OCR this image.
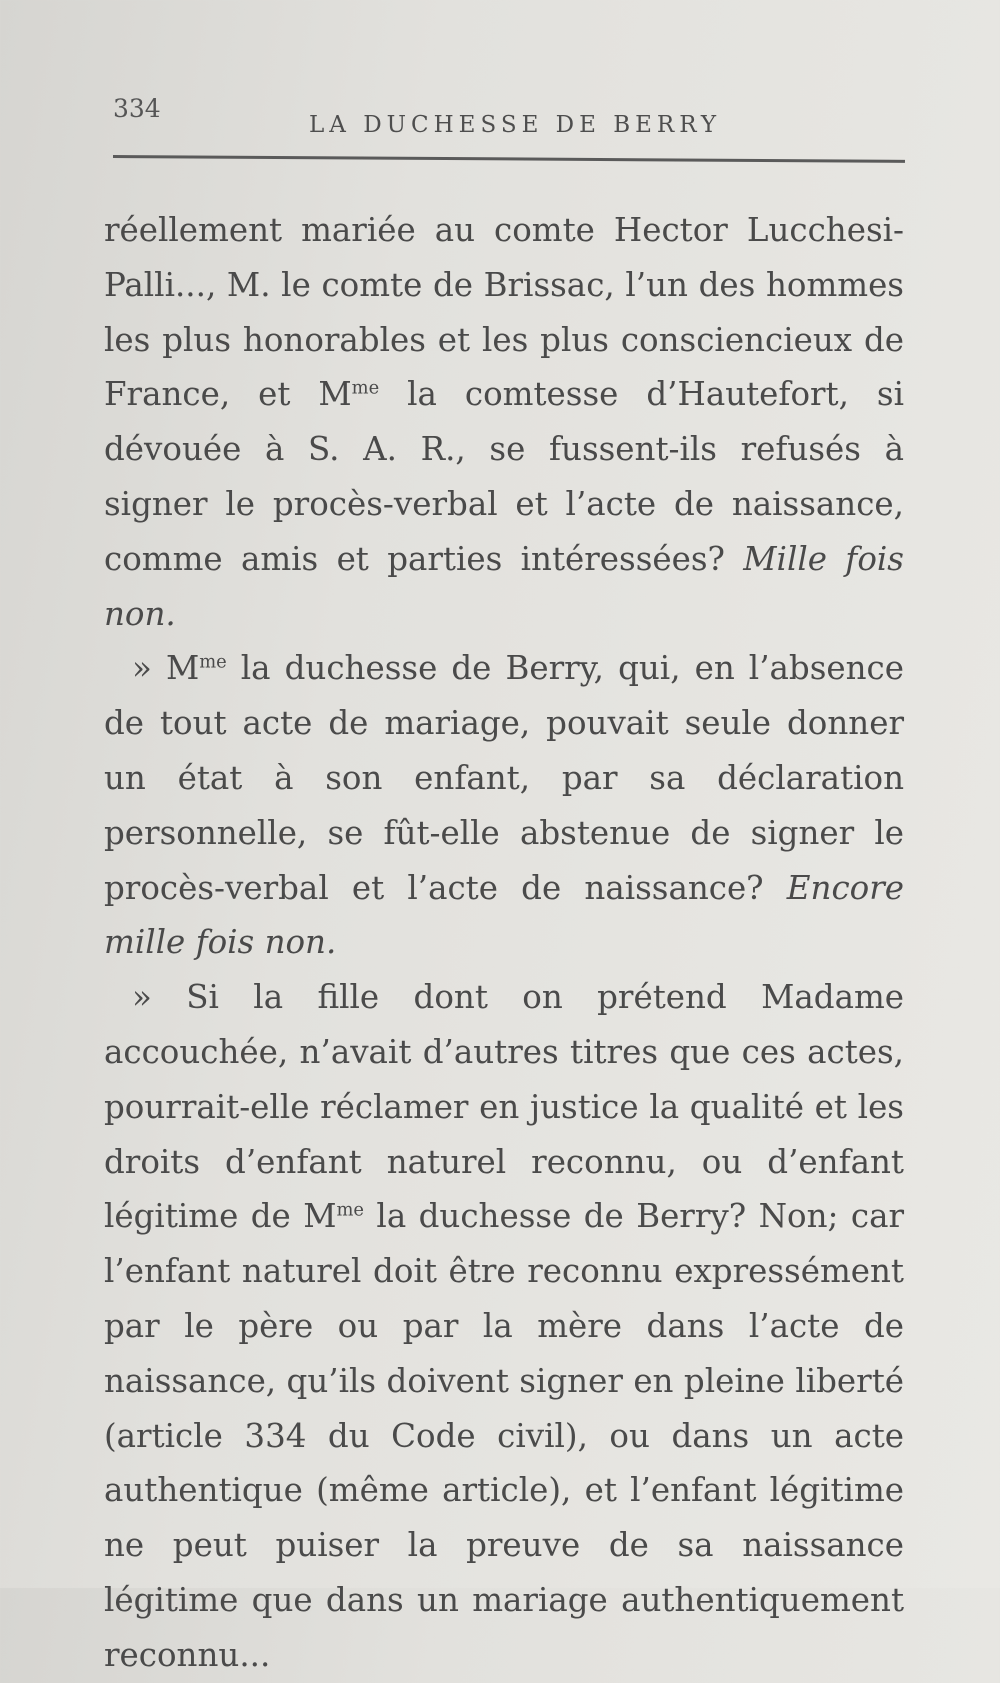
334
LA DUCHESSE DE BERRY

réellement mariée au comte Hector Lucchesi-Palli..., M. le comte de Brissac, l’un des hommes les plus honorables et les plus consciencieux de France, et $M^{me}$ la comtesse d’Hautefort, si dévouée à S. A. R., se fussent-ils refusés à signer le procès-verbal et l’acte de naissance, comme amis et parties intéressées? Mille fois non.

» $M^{me}$ la duchesse de Berry, qui, en l’absence de tout acte de mariage, pouvait seule donner un état à son enfant, par sa déclaration personnelle, se fût-elle abstenue de signer le procès-verbal et l’acte de naissance? Encore mille fois non.

» Si la fille dont on prétend Madame accouchée, n’avait d’autres titres que ces actes, pourrait-elle réclamer en justice la qualité et les droits d’enfant naturel reconnu, ou d’enfant légitime de $M^{me}$ la duchesse de Berry? Non; car l’enfant naturel doit être reconnu expressément par le père ou par la mère dans l’acte de naissance, qu’ils doivent signer en pleine liberté (article 334 du Code civil), ou dans un acte authentique (même article), et l’enfant légitime ne peut puiser la preuve de sa naissance légitime que dans un mariage authentiquement reconnu...
